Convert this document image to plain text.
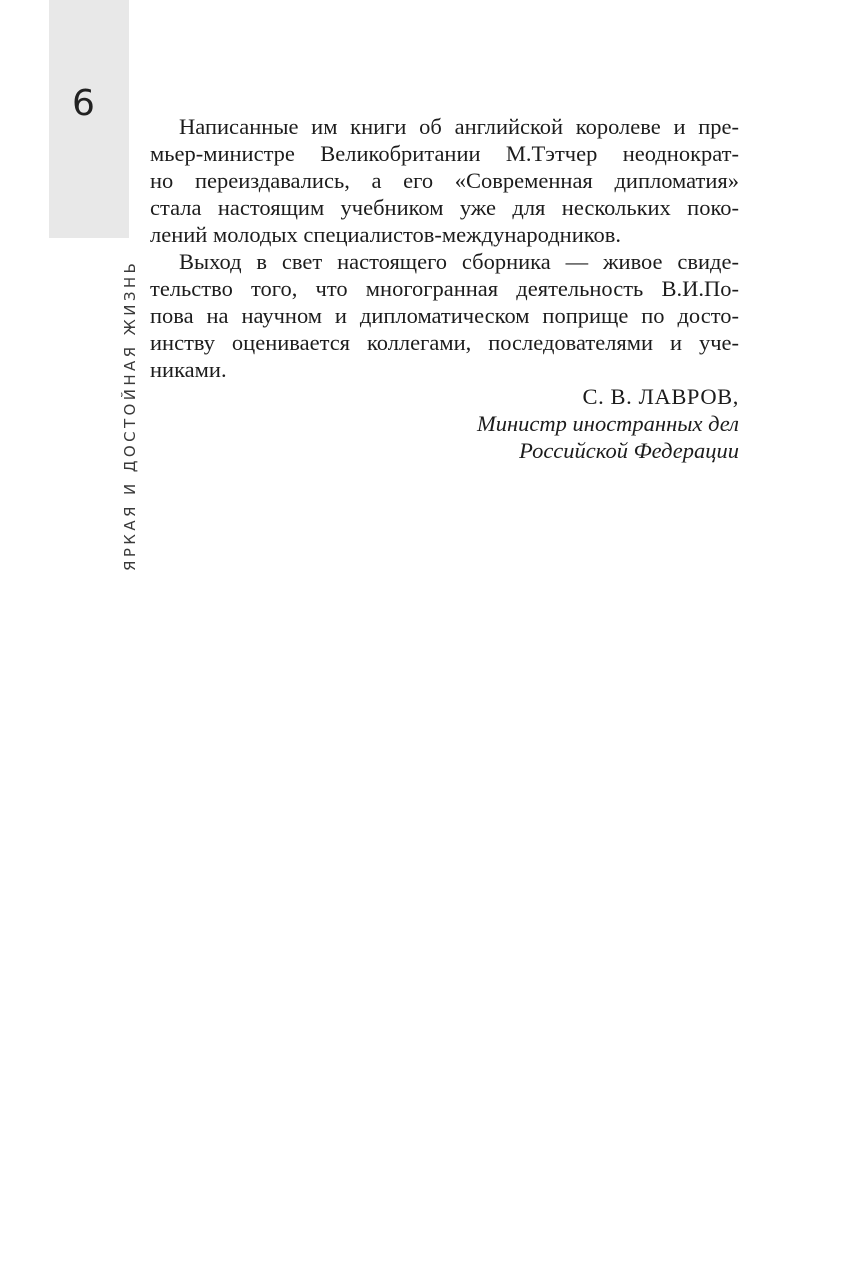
6
ЯРКАЯ И ДОСТОЙНАЯ ЖИЗНЬ
Написанные им книги об английской королеве и пре-
мьер-министре Великобритании М.Тэтчер неоднократ-
но переиздавались, а его «Современная дипломатия»
стала настоящим учебником уже для нескольких поко-
лений молодых специалистов-международников.
Выход в свет настоящего сборника — живое свиде-
тельство того, что многогранная деятельность В.И.По-
пова на научном и дипломатическом поприще по досто-
инству оценивается коллегами, последователями и уче-
никами.
С. В. ЛАВРОВ,
Министр иностранных дел
Российской Федерации
